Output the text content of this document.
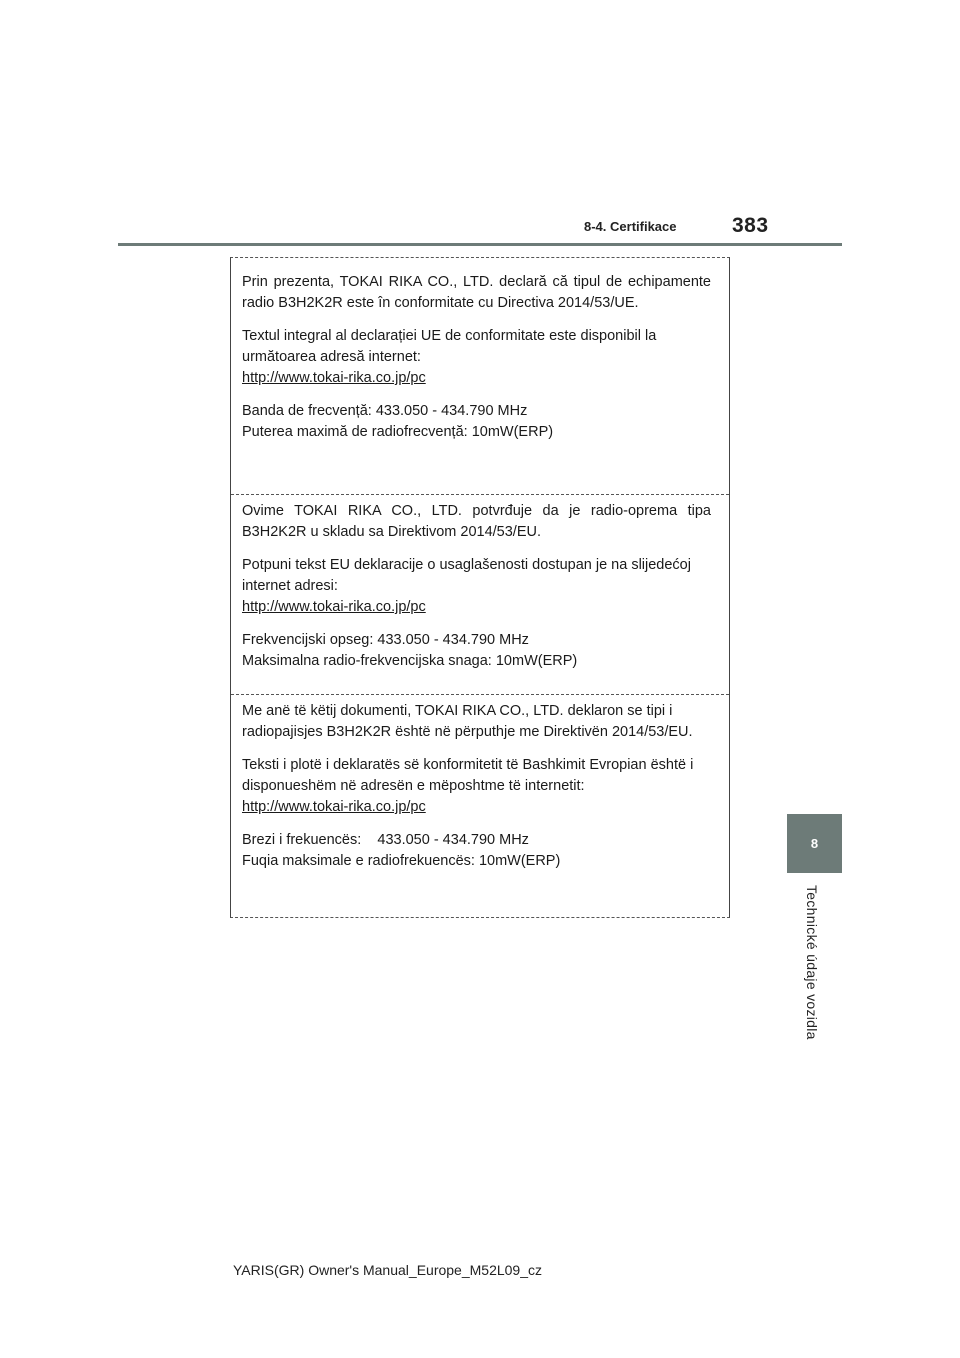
8-4. Certifikace	383
8
Technické údaje vozidla

Prin prezenta, TOKAI RIKA CO., LTD. declară că tipul de echipamente radio B3H2K2R este în conformitate cu Directiva 2014/53/UE.

Textul integral al declarației UE de conformitate este disponibil la următoarea adresă internet:
http://www.tokai-rika.co.jp/pc

Banda de frecvență: 433.050 - 434.790 MHz
Puterea maximă de radiofrecvență: 10mW(ERP)

Ovime TOKAI RIKA CO., LTD. potvrđuje da je radio-oprema tipa B3H2K2R u skladu sa Direktivom 2014/53/EU.

Potpuni tekst EU deklaracije o usaglašenosti dostupan je na slijedećoj internet adresi:
http://www.tokai-rika.co.jp/pc

Frekvencijski opseg: 433.050 - 434.790 MHz
Maksimalna radio-frekvencijska snaga: 10mW(ERP)

Me anë të këtij dokumenti, TOKAI RIKA CO., LTD. deklaron se tipi i radiopajisjes B3H2K2R është në përputhje me Direktivën 2014/53/EU.

Teksti i plotë i deklaratës së konformitetit të Bashkimit Evropian është i disponueshëm në adresën e mëposhtme të internetit:
http://www.tokai-rika.co.jp/pc

Brezi i frekuencës:    433.050 - 434.790 MHz
Fuqia maksimale e radiofrekuencës: 10mW(ERP)

YARIS(GR) Owner's Manual_Europe_M52L09_cz
